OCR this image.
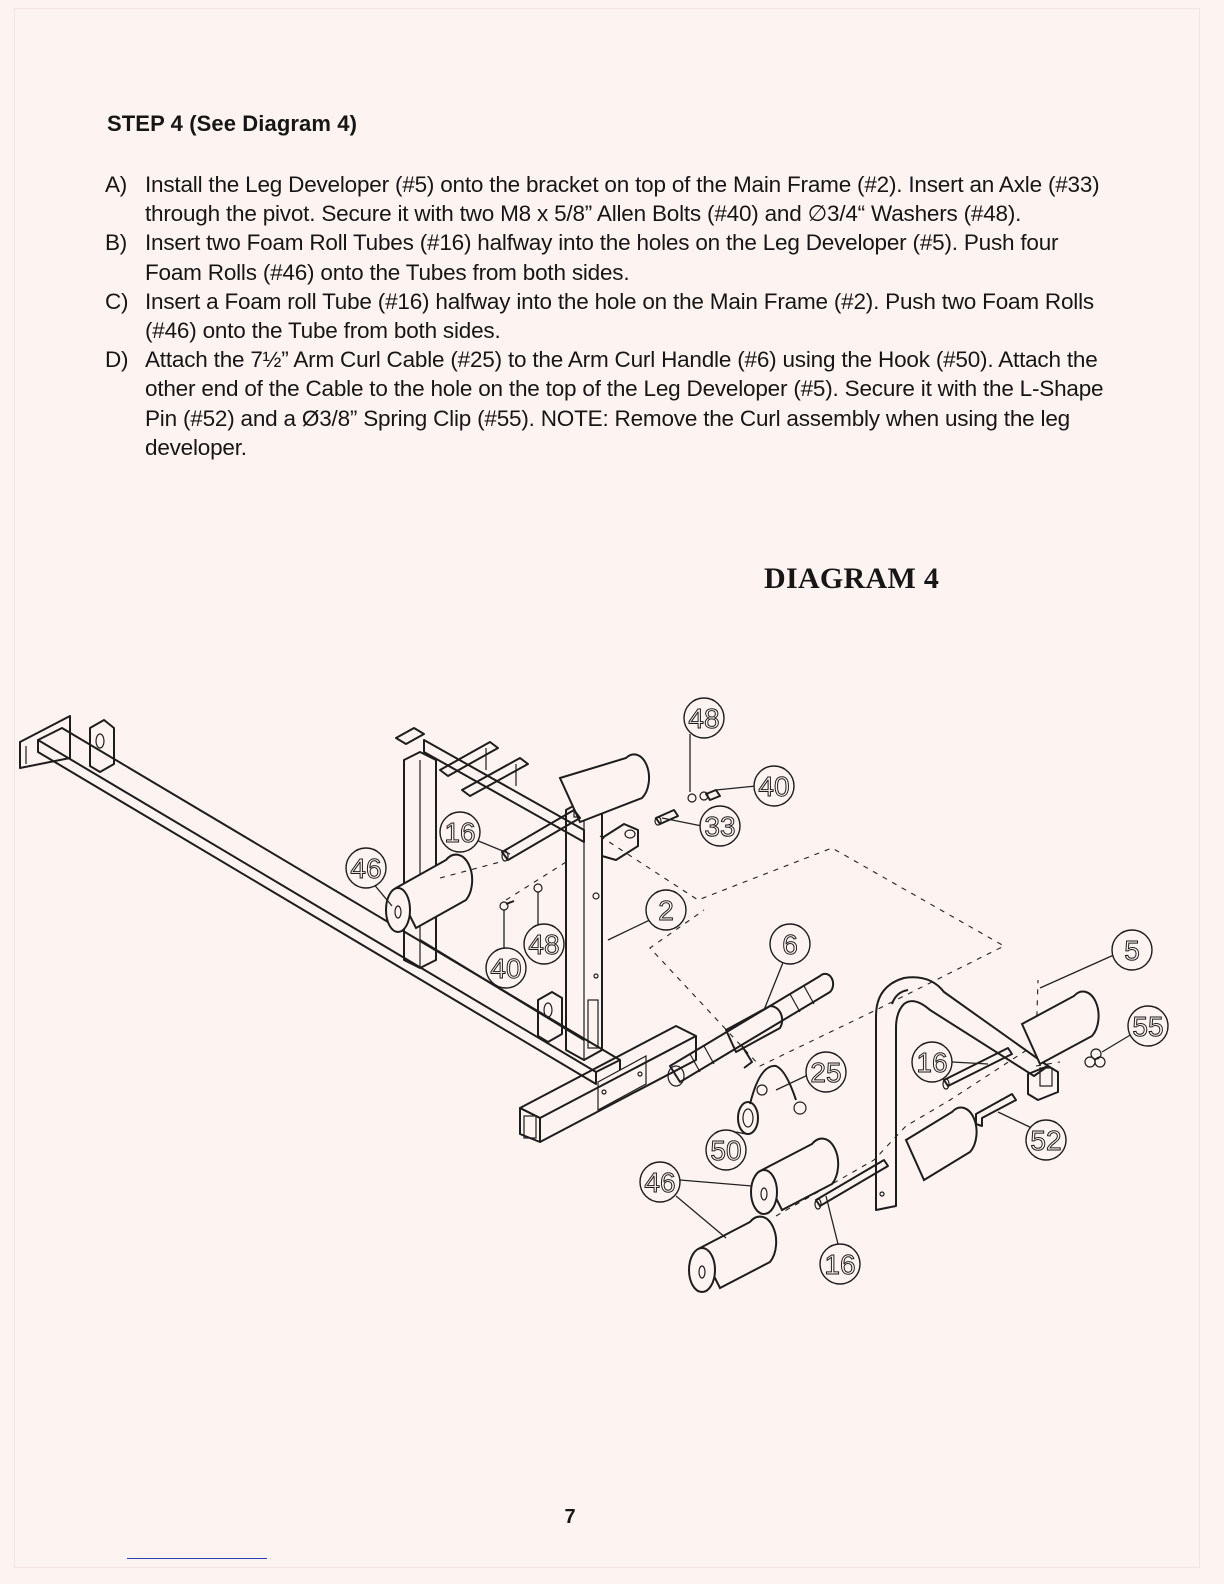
STEP 4 (See Diagram 4)
A) Install the Leg Developer (#5) onto the bracket on top of the Main Frame (#2). Insert an Axle (#33) through the pivot. Secure it with two M8 x 5/8” Allen Bolts (#40) and ∅3/4“ Washers (#48).
B) Insert two Foam Roll Tubes (#16) halfway into the holes on the Leg Developer (#5). Push four Foam Rolls (#46) onto the Tubes from both sides.
C) Insert a Foam roll Tube (#16) halfway into the hole on the Main Frame (#2). Push two Foam Rolls (#46) onto the Tube from both sides.
D) Attach the 7½” Arm Curl Cable (#25) to the Arm Curl Handle (#6) using the Hook (#50). Attach the other end of the Cable to the hole on the top of the Leg Developer (#5). Secure it with the L-Shape Pin (#52) and a Ø3/8” Spring Clip (#55). NOTE: Remove the Curl assembly when using the leg developer.
DIAGRAM 4
48
40
33
16
46
2
48
40
6	5
55
16
25
52
50
46
16
7
